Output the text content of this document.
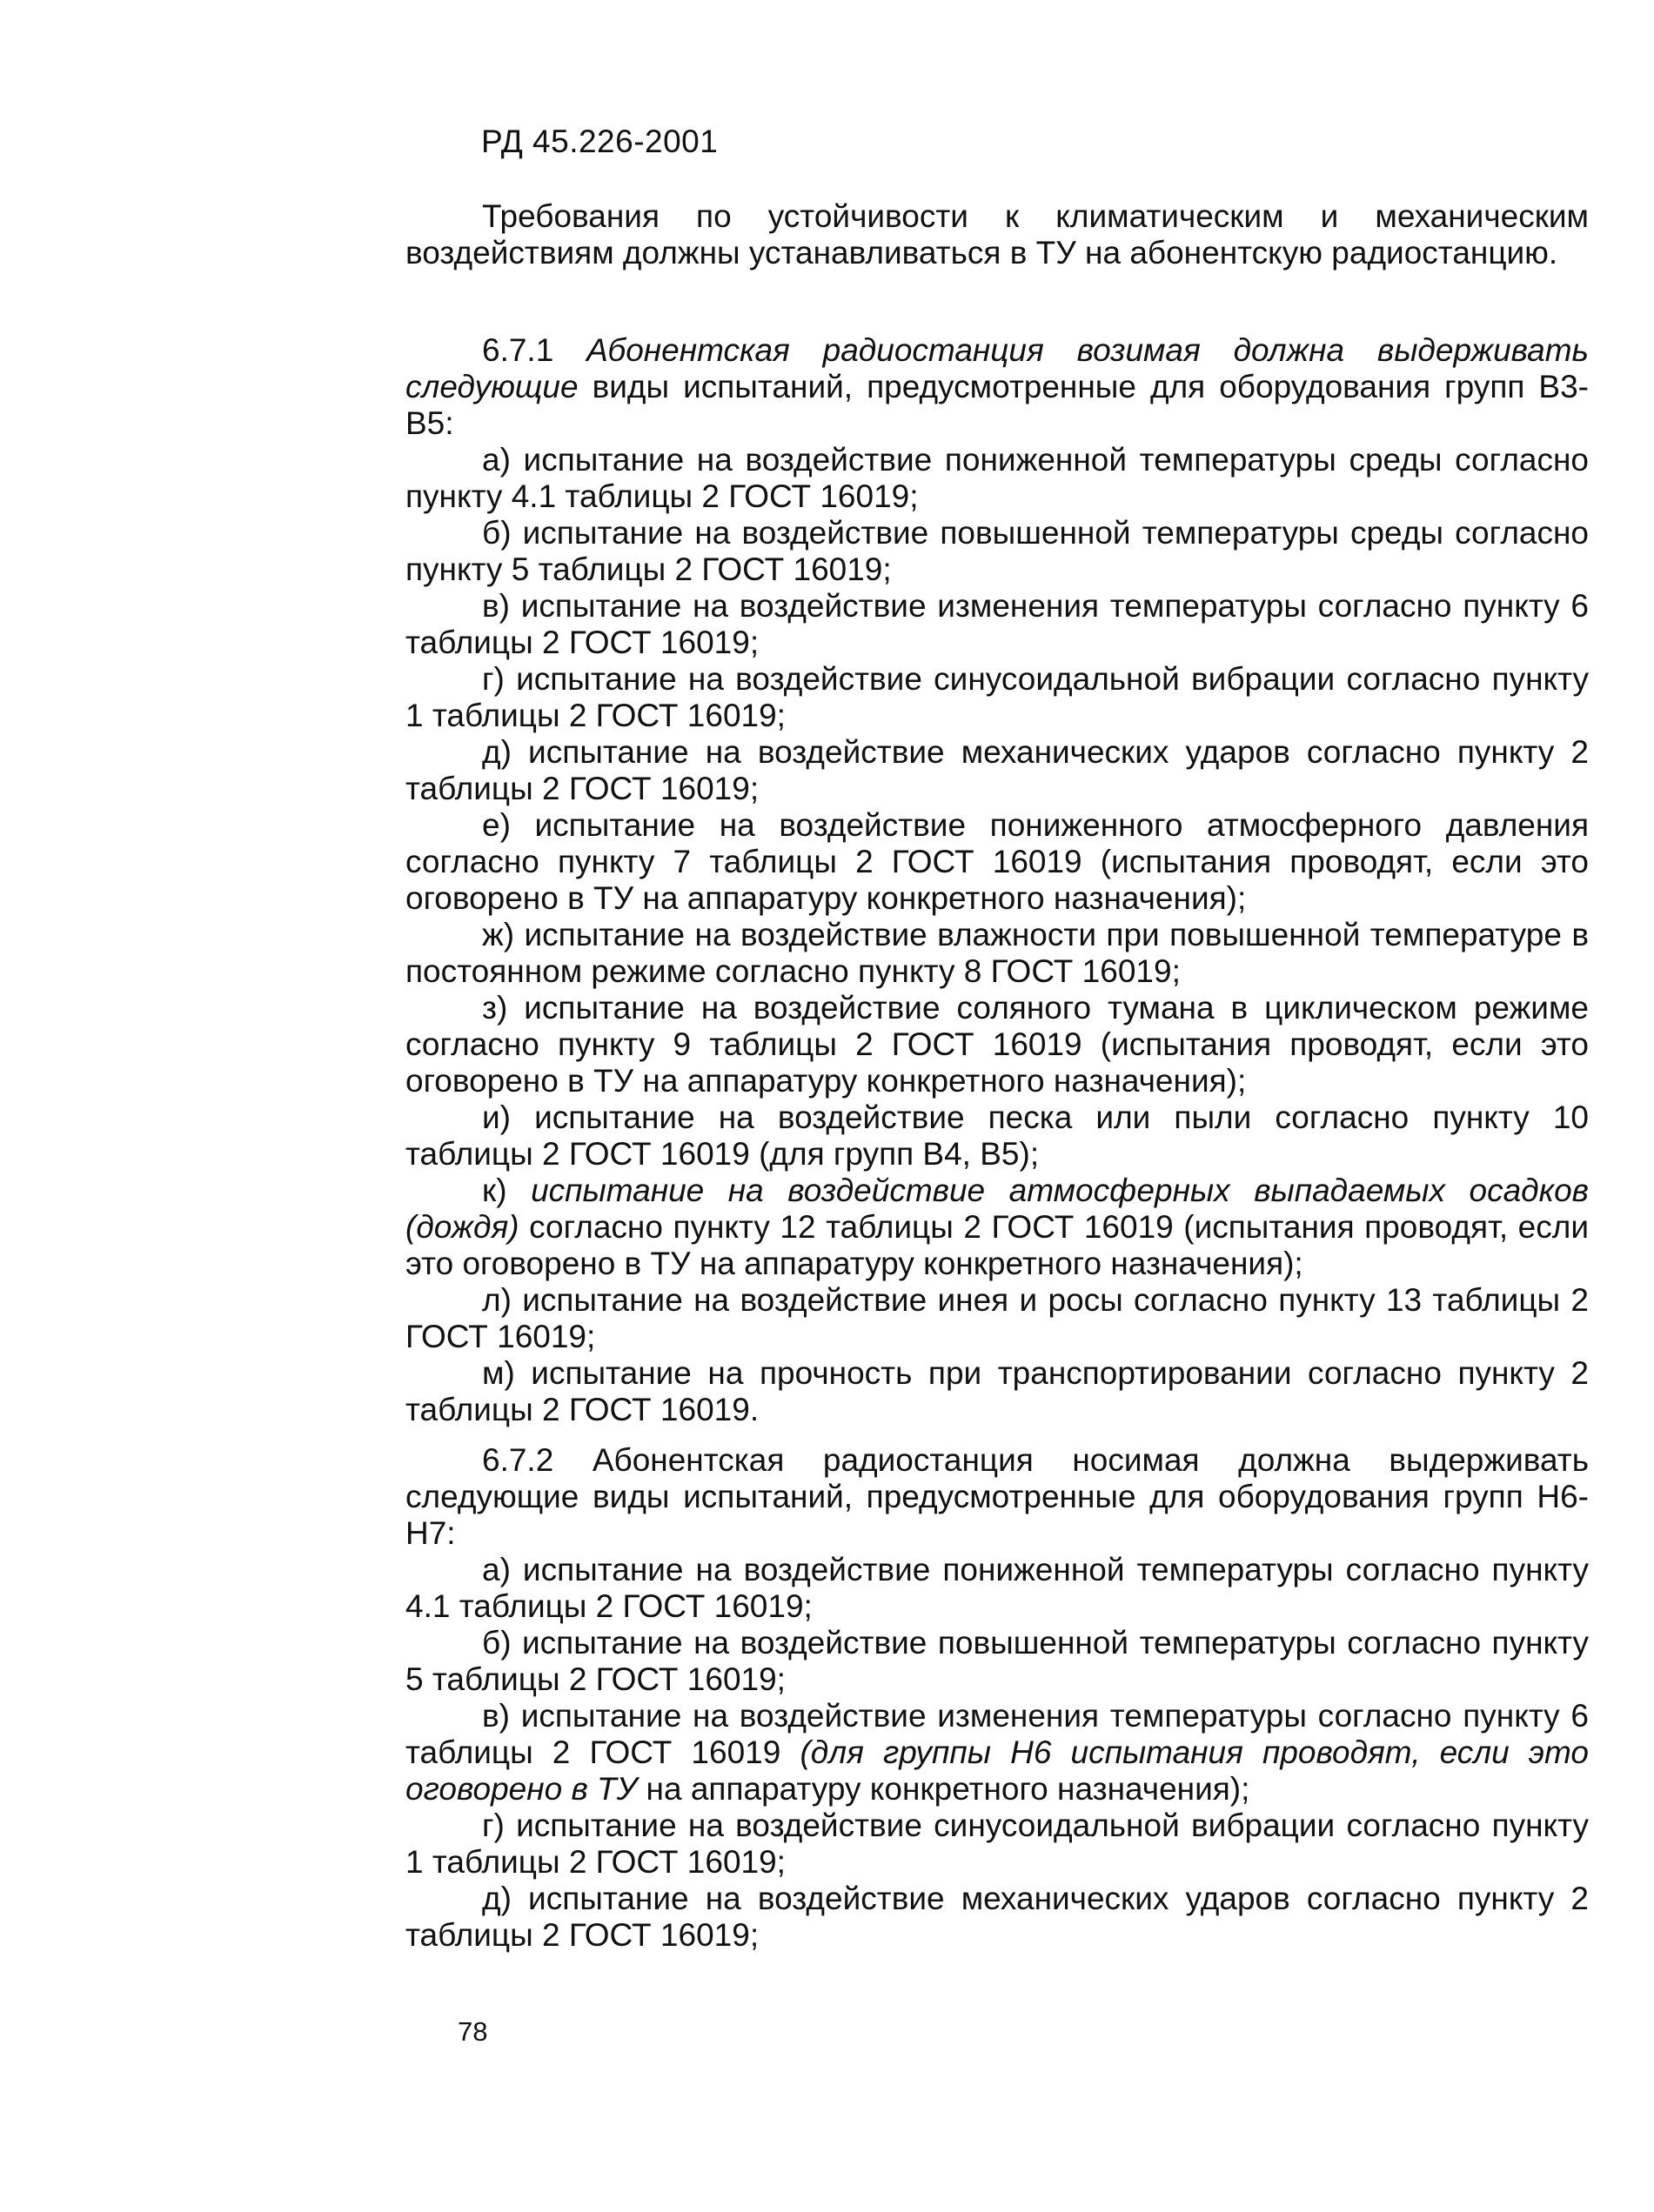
РД 45.226-2001

Требования по устойчивости к климатическим и механическим воздействиям должны устанавливаться в ТУ на абонентскую радиостанцию.

6.7.1 Абонентская радиостанция возимая должна выдерживать следующие виды испытаний, предусмотренные для оборудования групп В3-В5:

а) испытание на воздействие пониженной температуры среды согласно пункту 4.1 таблицы 2 ГОСТ 16019;

б) испытание на воздействие повышенной температуры среды согласно пункту 5 таблицы 2 ГОСТ 16019;

в) испытание на воздействие изменения температуры согласно пункту 6 таблицы 2 ГОСТ 16019;

г) испытание на воздействие синусоидальной вибрации согласно пункту 1 таблицы 2 ГОСТ 16019;

д) испытание на воздействие механических ударов согласно пункту 2 таблицы 2 ГОСТ 16019;

е) испытание на воздействие пониженного атмосферного давления согласно пункту 7 таблицы 2 ГОСТ 16019 (испытания проводят, если это оговорено в ТУ на аппаратуру конкретного назначения);

ж) испытание на воздействие влажности при повышенной температуре в постоянном режиме согласно пункту 8 ГОСТ 16019;

з) испытание на воздействие соляного тумана в циклическом режиме согласно пункту 9 таблицы 2 ГОСТ 16019 (испытания проводят, если это оговорено в ТУ на аппаратуру конкретного назначения);

и) испытание на воздействие песка или пыли согласно пункту 10 таблицы 2 ГОСТ 16019 (для групп В4, В5);

к) испытание на воздействие атмосферных выпадаемых осадков (дождя) согласно пункту 12 таблицы 2 ГОСТ 16019 (испытания проводят, если это оговорено в ТУ на аппаратуру конкретного назначения);

л) испытание на воздействие инея и росы согласно пункту 13 таблицы 2 ГОСТ 16019;

м) испытание на прочность при транспортировании согласно пункту 2 таблицы 2 ГОСТ 16019.

6.7.2 Абонентская радиостанция носимая должна выдерживать следующие виды испытаний, предусмотренные для оборудования групп Н6-Н7:

а) испытание на воздействие пониженной температуры согласно пункту 4.1 таблицы 2 ГОСТ 16019;

б) испытание на воздействие повышенной температуры согласно пункту 5 таблицы 2 ГОСТ 16019;

в) испытание на воздействие изменения температуры согласно пункту 6 таблицы 2 ГОСТ 16019 (для группы Н6 испытания проводят, если это оговорено в ТУ на аппаратуру конкретного назначения);

г) испытание на воздействие синусоидальной вибрации согласно пункту 1 таблицы 2 ГОСТ 16019;

д) испытание на воздействие механических ударов согласно пункту 2 таблицы 2 ГОСТ 16019;

78
